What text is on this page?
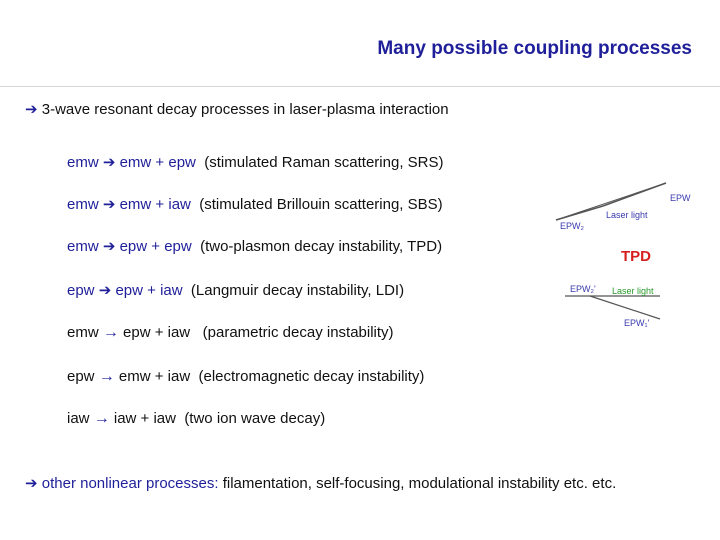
Many possible coupling processes
➔ 3-wave resonant decay processes in laser-plasma interaction
emw ➔ emw + epw (stimulated Raman scattering, SRS)
emw ➔ emw + iaw (stimulated Brillouin scattering, SBS)
emw ➔ epw + epw (two-plasmon decay instability, TPD)
epw ➔ epw + iaw (Langmuir decay instability, LDI)
emw → epw + iaw (parametric decay instability)
epw → emw + iaw (electromagnetic decay instability)
iaw → iaw + iaw (two ion wave decay)
EPW
Laser light
EPW₂
TPD
EPW₂' Laser light
EPW₁'
➔ other nonlinear processes: filamentation, self-focusing, modulational instability etc. etc.
